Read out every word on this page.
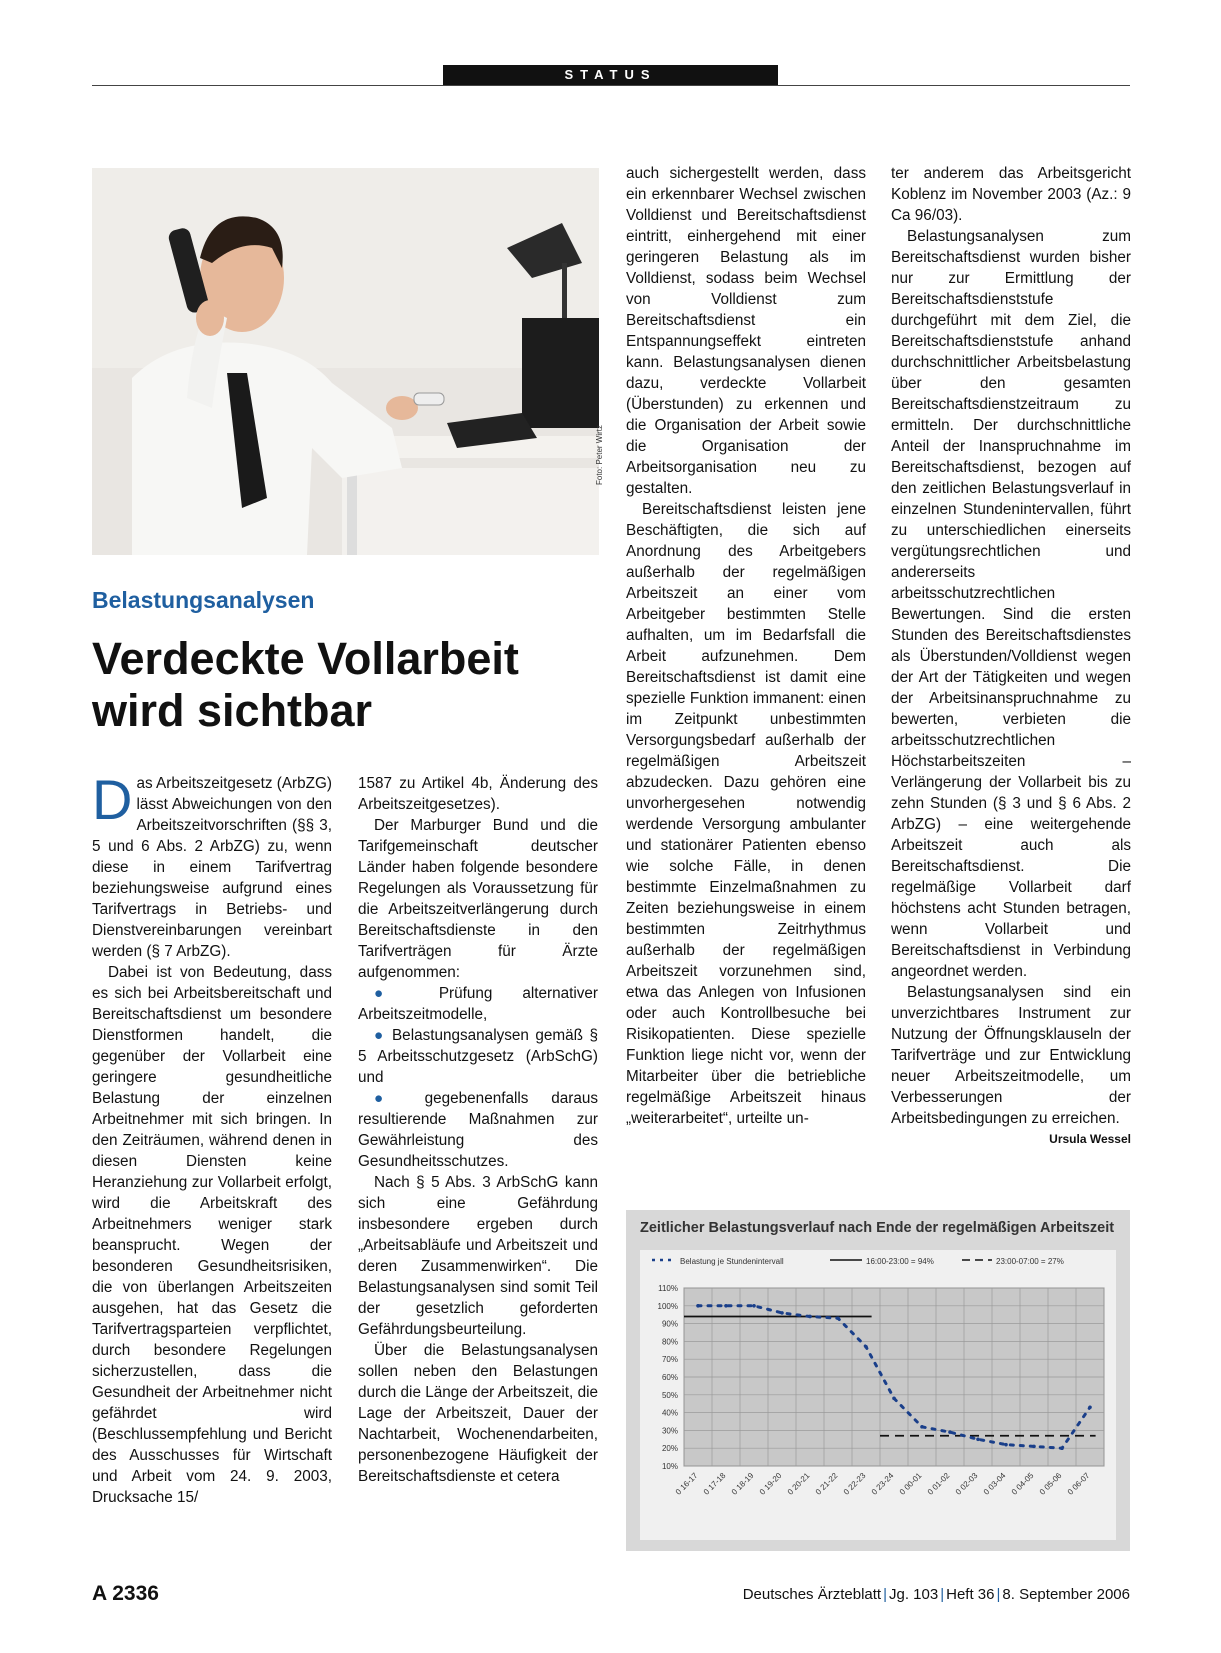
STATUS
Foto: Peter Wirtz
Belastungsanalysen
Verdeckte Vollarbeit
wird sichtbar

Das Arbeitszeitgesetz (ArbZG) lässt Abweichungen von den Arbeitszeitvorschriften (§§ 3, 5 und 6 Abs. 2 ArbZG) zu, wenn diese in einem Tarifvertrag beziehungsweise aufgrund eines Tarifvertrags in Betriebs- und Dienstvereinbarungen vereinbart werden (§ 7 ArbZG).

Dabei ist von Bedeutung, dass es sich bei Arbeitsbereitschaft und Bereitschaftsdienst um besondere Dienstformen handelt, die gegenüber der Vollarbeit eine geringere gesundheitliche Belastung der einzelnen Arbeitnehmer mit sich bringen. In den Zeiträumen, während denen in diesen Diensten keine Heranziehung zur Vollarbeit erfolgt, wird die Arbeitskraft des Arbeitnehmers weniger stark beansprucht. Wegen der besonderen Gesundheitsrisiken, die von überlangen Arbeitszeiten ausgehen, hat das Gesetz die Tarifvertragsparteien verpflichtet, durch besondere Regelungen sicherzustellen, dass die Gesundheit der Arbeitnehmer nicht gefährdet wird (Beschlussempfehlung und Bericht des Ausschusses für Wirtschaft und Arbeit vom 24. 9. 2003, Drucksache 15/

1587 zu Artikel 4b, Änderung des Arbeitszeitgesetzes).

Der Marburger Bund und die Tarifgemeinschaft deutscher Länder haben folgende besondere Regelungen als Voraussetzung für die Arbeitszeitverlängerung durch Bereitschaftsdienste in den Tarifverträgen für Ärzte aufgenommen:

● Prüfung alternativer Arbeitszeitmodelle,

● Belastungsanalysen gemäß § 5 Arbeitsschutzgesetz (ArbSchG) und

● gegebenenfalls daraus resultierende Maßnahmen zur Gewährleistung des Gesundheitsschutzes.

Nach § 5 Abs. 3 ArbSchG kann sich eine Gefährdung insbesondere ergeben durch „Arbeitsabläufe und Arbeitszeit und deren Zusammenwirken“. Die Belastungsanalysen sind somit Teil der gesetzlich geforderten Gefährdungsbeurteilung.

Über die Belastungsanalysen sollen neben den Belastungen durch die Länge der Arbeitszeit, die Lage der Arbeitszeit, Dauer der Nachtarbeit, Wochenendarbeiten, personenbezogene Häufigkeit der Bereitschaftsdienste et cetera

auch sichergestellt werden, dass ein erkennbarer Wechsel zwischen Volldienst und Bereitschaftsdienst eintritt, einhergehend mit einer geringeren Belastung als im Volldienst, sodass beim Wechsel von Volldienst zum Bereitschaftsdienst ein Entspannungseffekt eintreten kann. Belastungsanalysen dienen dazu, verdeckte Vollarbeit (Überstunden) zu erkennen und die Organisation der Arbeit sowie die Organisation der Arbeitsorganisation neu zu gestalten.

Bereitschaftsdienst leisten jene Beschäftigten, die sich auf Anordnung des Arbeitgebers außerhalb der regelmäßigen Arbeitszeit an einer vom Arbeitgeber bestimmten Stelle aufhalten, um im Bedarfsfall die Arbeit aufzunehmen. Dem Bereitschaftsdienst ist damit eine spezielle Funktion immanent: einen im Zeitpunkt unbestimmten Versorgungsbedarf außerhalb der regelmäßigen Arbeitszeit abzudecken. Dazu gehören eine unvorhergesehen notwendig werdende Versorgung ambulanter und stationärer Patienten ebenso wie solche Fälle, in denen bestimmte Einzelmaßnahmen zu Zeiten beziehungsweise in einem bestimmten Zeitrhythmus außerhalb der regelmäßigen Arbeitszeit vorzunehmen sind, etwa das Anlegen von Infusionen oder auch Kontrollbesuche bei Risikopatienten. Diese spezielle Funktion liege nicht vor, wenn der Mitarbeiter über die betriebliche regelmäßige Arbeitszeit hinaus „weiterarbeitet“, urteilte un-

ter anderem das Arbeitsgericht Koblenz im November 2003 (Az.: 9 Ca 96/03).

Belastungsanalysen zum Bereitschaftsdienst wurden bisher nur zur Ermittlung der Bereitschaftsdienststufe durchgeführt mit dem Ziel, die Bereitschaftsdienststufe anhand durchschnittlicher Arbeitsbelastung über den gesamten Bereitschaftsdienstzeitraum zu ermitteln. Der durchschnittliche Anteil der Inanspruchnahme im Bereitschaftsdienst, bezogen auf den zeitlichen Belastungsverlauf in einzelnen Stundenintervallen, führt zu unterschiedlichen einerseits vergütungsrechtlichen und andererseits arbeitsschutzrechtlichen Bewertungen. Sind die ersten Stunden des Bereitschaftsdienstes als Überstunden/Volldienst wegen der Art der Tätigkeiten und wegen der Arbeitsinanspruchnahme zu bewerten, verbieten die arbeitsschutzrechtlichen Höchstarbeitszeiten – Verlängerung der Vollarbeit bis zu zehn Stunden (§ 3 und § 6 Abs. 2 ArbZG) – eine weitergehende Arbeitszeit auch als Bereitschaftsdienst. Die regelmäßige Vollarbeit darf höchstens acht Stunden betragen, wenn Vollarbeit und Bereitschaftsdienst in Verbindung angeordnet werden.

Belastungsanalysen sind ein unverzichtbares Instrument zur Nutzung der Öffnungsklauseln der Tarifverträge und zur Entwicklung neuer Arbeitszeitmodelle, um Verbesserungen der Arbeitsbedingungen zu erreichen.
Ursula Wessel

Zeitlicher Belastungsverlauf nach Ende der regelmäßigen Arbeitszeit
Belastung je Stundenintervall	16:00-23:00 = 94%	23:00-07:00 = 27%
110%
100%
90%
80%
70%
60%
50%
40%
30%
20%
10%
0 16-17 0 17-18 0 18-19 0 19-20 0 20-21 0 21-22 0 22-23 0 23-24 0 00-01 0 01-02 0 02-03 0 03-04 0 04-05 0 05-06 0 06-07
A 2336	Deutsches Ärzteblatt | Jg. 103 | Heft 36 | 8. September 2006
